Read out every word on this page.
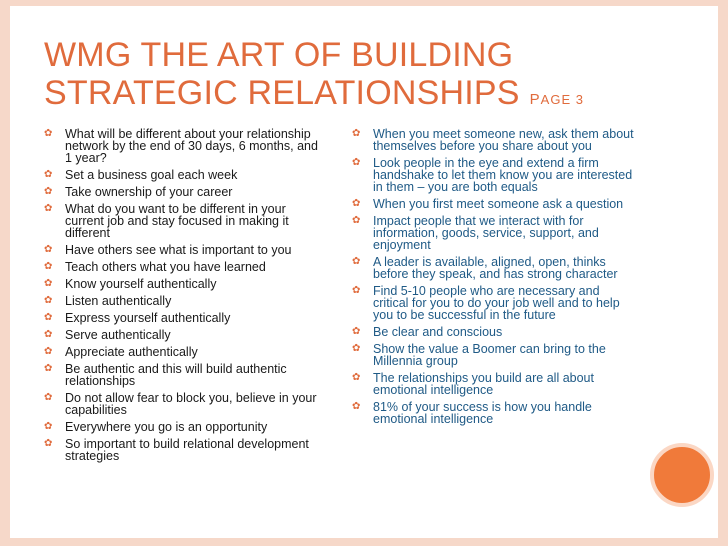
WMG THE ART OF BUILDING STRATEGIC RELATIONSHIPS PAGE 3
✿ What will be different about your relationship network by the end of 30 days, 6 months, and 1 year?
✿ Set a business goal each week
✿ Take ownership of your career
✿ What do you want to be different in your current job and stay focused in making it different
✿ Have others see what is important to you
✿ Teach others what you have learned
✿ Know yourself authentically
✿ Listen authentically
✿ Express yourself authentically
✿ Serve authentically
✿ Appreciate authentically
✿ Be authentic and this will build authentic relationships
✿ Do not allow fear to block you, believe in your capabilities
✿ Everywhere you go is an opportunity
✿ So important to build relational development strategies
✿ When you meet someone new, ask them about themselves before you share about you
✿ Look people in the eye and extend a firm handshake to let them know you are interested in them – you are both equals
✿ When you first meet someone ask a question
✿ Impact people that we interact with for information, goods, service, support, and enjoyment
✿ A leader is available, aligned, open, thinks before they speak, and has strong character
✿ Find 5-10 people who are necessary and critical for you to do your job well and to help you to be successful in the future
✿ Be clear and conscious
✿ Show the value a Boomer can bring to the Millennia group
✿ The relationships you build are all about emotional intelligence
✿ 81% of your success is how you handle emotional intelligence
